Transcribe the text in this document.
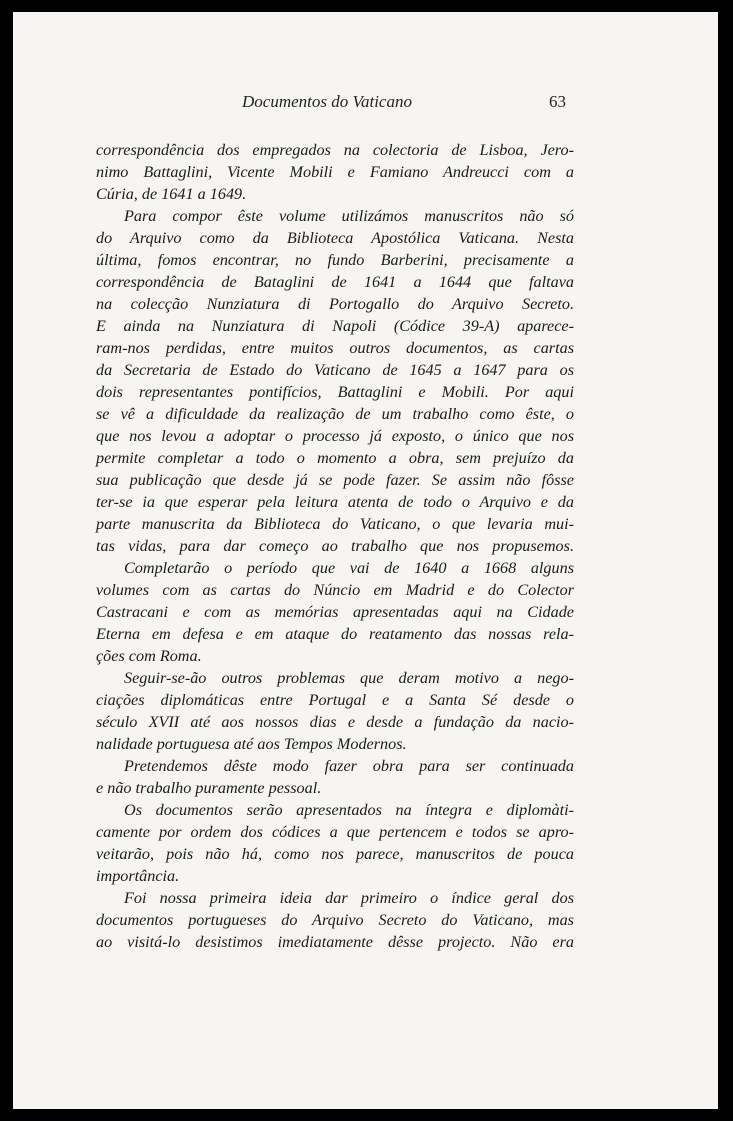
Documentos do Vaticano	63
correspondência dos empregados na colectoria de Lisboa, Jero-
nimo Battaglini, Vicente Mobili e Famiano Andreucci com a
Cúria, de 1641 a 1649.
Para compor êste volume utilizámos manuscritos não só
do Arquivo como da Biblioteca Apostólica Vaticana. Nesta
última, fomos encontrar, no fundo Barberini, precisamente a
correspondência de Bataglini de 1641 a 1644 que faltava
na colecção Nunziatura di Portogallo do Arquivo Secreto.
E ainda na Nunziatura di Napoli (Códice 39-A) aparece-
ram-nos perdidas, entre muitos outros documentos, as cartas
da Secretaria de Estado do Vaticano de 1645 a 1647 para os
dois representantes pontifícios, Battaglini e Mobili. Por aqui
se vê a dificuldade da realização de um trabalho como êste, o
que nos levou a adoptar o processo já exposto, o único que nos
permite completar a todo o momento a obra, sem prejuízo da
sua publicação que desde já se pode fazer. Se assim não fôsse
ter-se ia que esperar pela leitura atenta de todo o Arquivo e da
parte manuscrita da Biblioteca do Vaticano, o que levaria mui-
tas vidas, para dar começo ao trabalho que nos propusemos.
Completarão o período que vai de 1640 a 1668 alguns
volumes com as cartas do Núncio em Madrid e do Colector
Castracani e com as memórias apresentadas aqui na Cidade
Eterna em defesa e em ataque do reatamento das nossas rela-
ções com Roma.
Seguir-se-ão outros problemas que deram motivo a nego-
ciações diplomáticas entre Portugal e a Santa Sé desde o
século XVII até aos nossos dias e desde a fundação da nacio-
nalidade portuguesa até aos Tempos Modernos.
Pretendemos dêste modo fazer obra para ser continuada
e não trabalho puramente pessoal.
Os documentos serão apresentados na íntegra e diplomàti-
camente por ordem dos códices a que pertencem e todos se apro-
veitarão, pois não há, como nos parece, manuscritos de pouca
importância.
Foi nossa primeira ideia dar primeiro o índice geral dos
documentos portugueses do Arquivo Secreto do Vaticano, mas
ao visitá-lo desistimos imediatamente dêsse projecto. Não era
